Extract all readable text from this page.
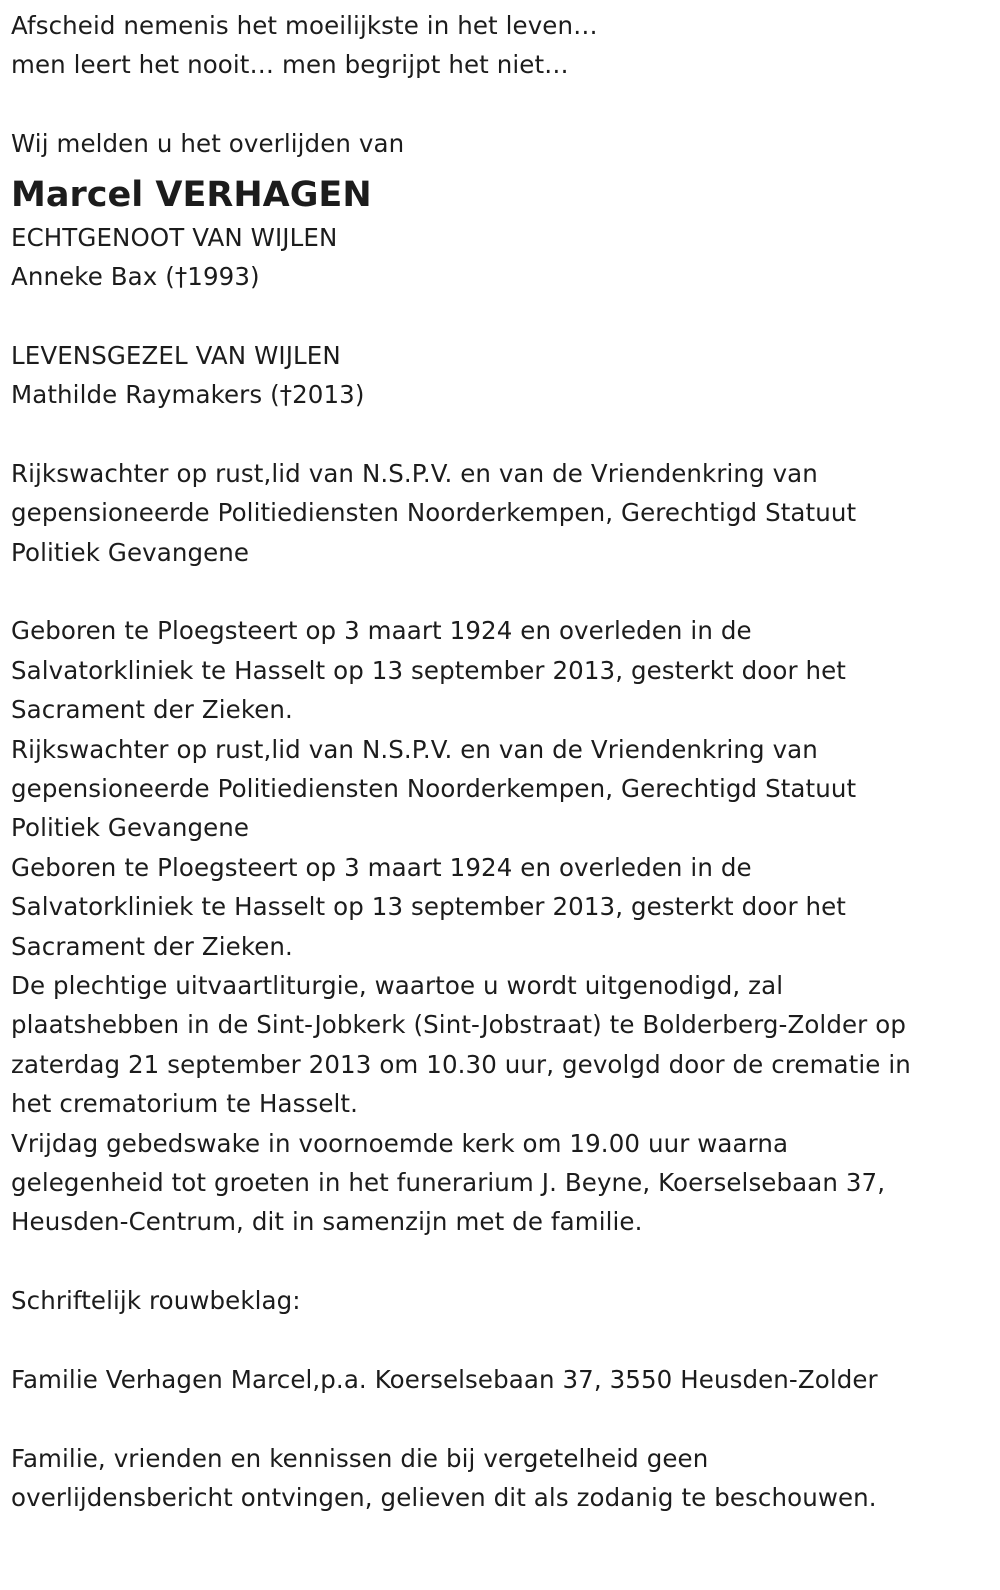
Afscheid nemenis het moeilijkste in het leven…
men leert het nooit… men begrijpt het niet…
Wij melden u het overlijden van
Marcel VERHAGEN
ECHTGENOOT VAN WIJLEN
Anneke Bax (†1993)
LEVENSGEZEL VAN WIJLEN
Mathilde Raymakers (†2013)
Rijkswachter op rust,lid van N.S.P.V. en van de Vriendenkring van
gepensioneerde Politiediensten Noorderkempen, Gerechtigd Statuut
Politiek Gevangene
Geboren te Ploegsteert op 3 maart 1924 en overleden in de
Salvatorkliniek te Hasselt op 13 september 2013, gesterkt door het
Sacrament der Zieken.
Rijkswachter op rust,lid van N.S.P.V. en van de Vriendenkring van
gepensioneerde Politiediensten Noorderkempen, Gerechtigd Statuut
Politiek Gevangene
Geboren te Ploegsteert op 3 maart 1924 en overleden in de
Salvatorkliniek te Hasselt op 13 september 2013, gesterkt door het
Sacrament der Zieken.
De plechtige uitvaartliturgie, waartoe u wordt uitgenodigd, zal
plaatshebben in de Sint-Jobkerk (Sint-Jobstraat) te Bolderberg-Zolder op
zaterdag 21 september 2013 om 10.30 uur, gevolgd door de crematie in
het crematorium te Hasselt.
Vrijdag gebedswake in voornoemde kerk om 19.00 uur waarna
gelegenheid tot groeten in het funerarium J. Beyne, Koerselsebaan 37,
Heusden-Centrum, dit in samenzijn met de familie.
Schriftelijk rouwbeklag:
Familie Verhagen Marcel,p.a. Koerselsebaan 37, 3550 Heusden-Zolder
Familie, vrienden en kennissen die bij vergetelheid geen
overlijdensbericht ontvingen, gelieven dit als zodanig te beschouwen.
